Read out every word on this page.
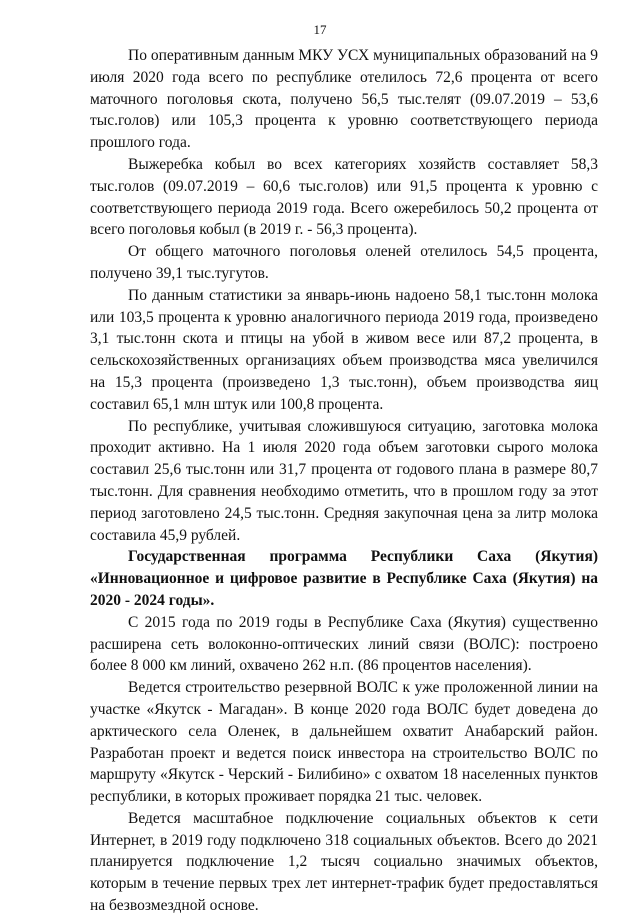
17

По оперативным данным МКУ УСХ муниципальных образований на 9 июля 2020 года всего по республике отелилось 72,6 процента от всего маточного поголовья скота, получено 56,5 тыс.телят (09.07.2019 – 53,6 тыс.голов) или 105,3 процента к уровню соответствующего периода прошлого года.

Выжеребка кобыл во всех категориях хозяйств составляет 58,3 тыс.голов (09.07.2019 – 60,6 тыс.голов) или 91,5 процента к уровню с соответствующего периода 2019 года. Всего ожеребилось 50,2 процента от всего поголовья кобыл (в 2019 г. - 56,3 процента).

От общего маточного поголовья оленей отелилось 54,5 процента, получено 39,1 тыс.тугутов.

По данным статистики за январь-июнь надоено 58,1 тыс.тонн молока или 103,5 процента к уровню аналогичного периода 2019 года, произведено 3,1 тыс.тонн скота и птицы на убой в живом весе или 87,2 процента, в сельскохозяйственных организациях объем производства мяса увеличился на 15,3 процента (произведено 1,3 тыс.тонн), объем производства яиц составил 65,1 млн штук или 100,8 процента.

По республике, учитывая сложившуюся ситуацию, заготовка молока проходит активно. На 1 июля 2020 года объем заготовки сырого молока составил 25,6 тыс.тонн или 31,7 процента от годового плана в размере 80,7 тыс.тонн. Для сравнения необходимо отметить, что в прошлом году за этот период заготовлено 24,5 тыс.тонн. Средняя закупочная цена за литр молока составила 45,9 рублей.

Государственная программа Республики Саха (Якутия) «Инновационное и цифровое развитие в Республике Саха (Якутия) на 2020 - 2024 годы».

С 2015 года по 2019 годы в Республике Саха (Якутия) существенно расширена сеть волоконно-оптических линий связи (ВОЛС): построено более 8 000 км линий, охвачено 262 н.п. (86 процентов населения).

Ведется строительство резервной ВОЛС к уже проложенной линии на участке «Якутск - Магадан». В конце 2020 года ВОЛС будет доведена до арктического села Оленек, в дальнейшем охватит Анабарский район. Разработан проект и ведется поиск инвестора на строительство ВОЛС по маршруту «Якутск - Черский - Билибино» с охватом 18 населенных пунктов республики, в которых проживает порядка 21 тыс. человек.

Ведется масштабное подключение социальных объектов к сети Интернет, в 2019 году подключено 318 социальных объектов. Всего до 2021 планируется подключение 1,2 тысяч социально значимых объектов, которым в течение первых трех лет интернет-трафик будет предоставляться на безвозмездной основе.
